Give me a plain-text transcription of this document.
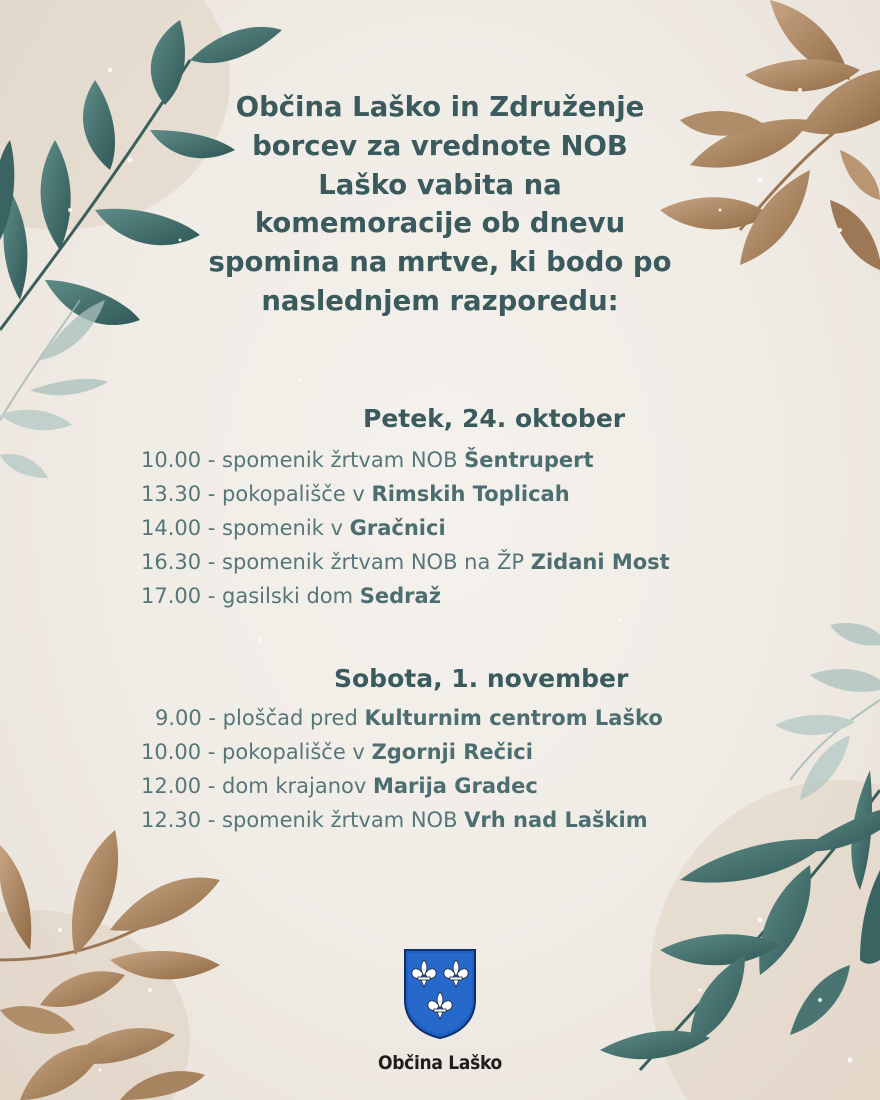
Občina Laško in Združenje
borcev za vrednote NOB
Laško vabita na
komemoracije ob dnevu
spomina na mrtve, ki bodo po
naslednjem razporedu:
Petek, 24. oktober
10.00 - spomenik žrtvam NOB Šentrupert
13.30 - pokopališče v Rimskih Toplicah
14.00 - spomenik v Gračnici
16.30 - spomenik žrtvam NOB na ŽP Zidani Most
17.00 - gasilski dom Sedraž
Sobota, 1. november
9.00 - ploščad pred Kulturnim centrom Laško
10.00 - pokopališče v Zgornji Rečici
12.00 - dom krajanov Marija Gradec
12.30 - spomenik žrtvam NOB Vrh nad Laškim
Občina Laško
